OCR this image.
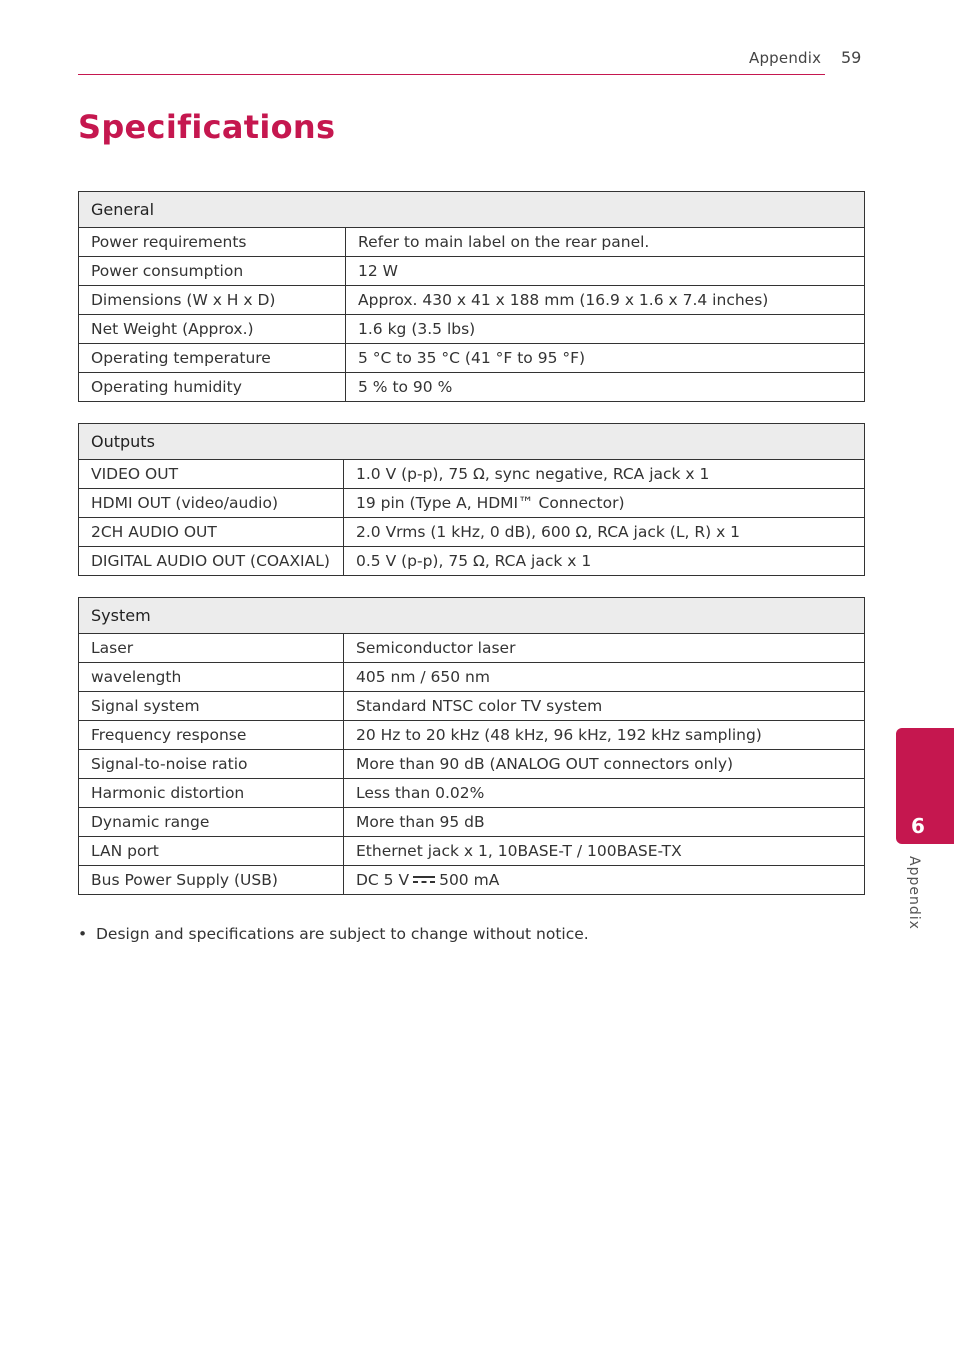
Appendix 59
Specifications
General	
Power requirements	Refer to main label on the rear panel.
Power consumption	12 W
Dimensions (W x H x D)	Approx. 430 x 41 x 188 mm (16.9 x 1.6 x 7.4 inches)
Net Weight (Approx.)	1.6 kg (3.5 lbs)
Operating temperature	5 °C to 35 °C (41 °F to 95 °F)
Operating humidity	5 % to 90 %
Outputs	
VIDEO OUT	1.0 V (p-p), 75 Ω, sync negative, RCA jack x 1
HDMI OUT (video/audio)	19 pin (Type A, HDMI™ Connector)
2CH AUDIO OUT	2.0 Vrms (1 kHz, 0 dB), 600 Ω, RCA jack (L, R) x 1
DIGITAL AUDIO OUT (COAXIAL)	0.5 V (p-p), 75 Ω, RCA jack x 1
System	
Laser	Semiconductor laser
wavelength	405 nm / 650 nm
Signal system	Standard NTSC color TV system
Frequency response	20 Hz to 20 kHz (48 kHz, 96 kHz, 192 kHz sampling)
Signal-to-noise ratio	More than 90 dB (ANALOG OUT connectors only)
Harmonic distortion	Less than 0.02%
Dynamic range	More than 95 dB
LAN port	Ethernet jack x 1, 10BASE-T / 100BASE-TX
Bus Power Supply (USB)	DC 5 V 500 mA
• Design and specifications are subject to change without notice.
6
Appendix
